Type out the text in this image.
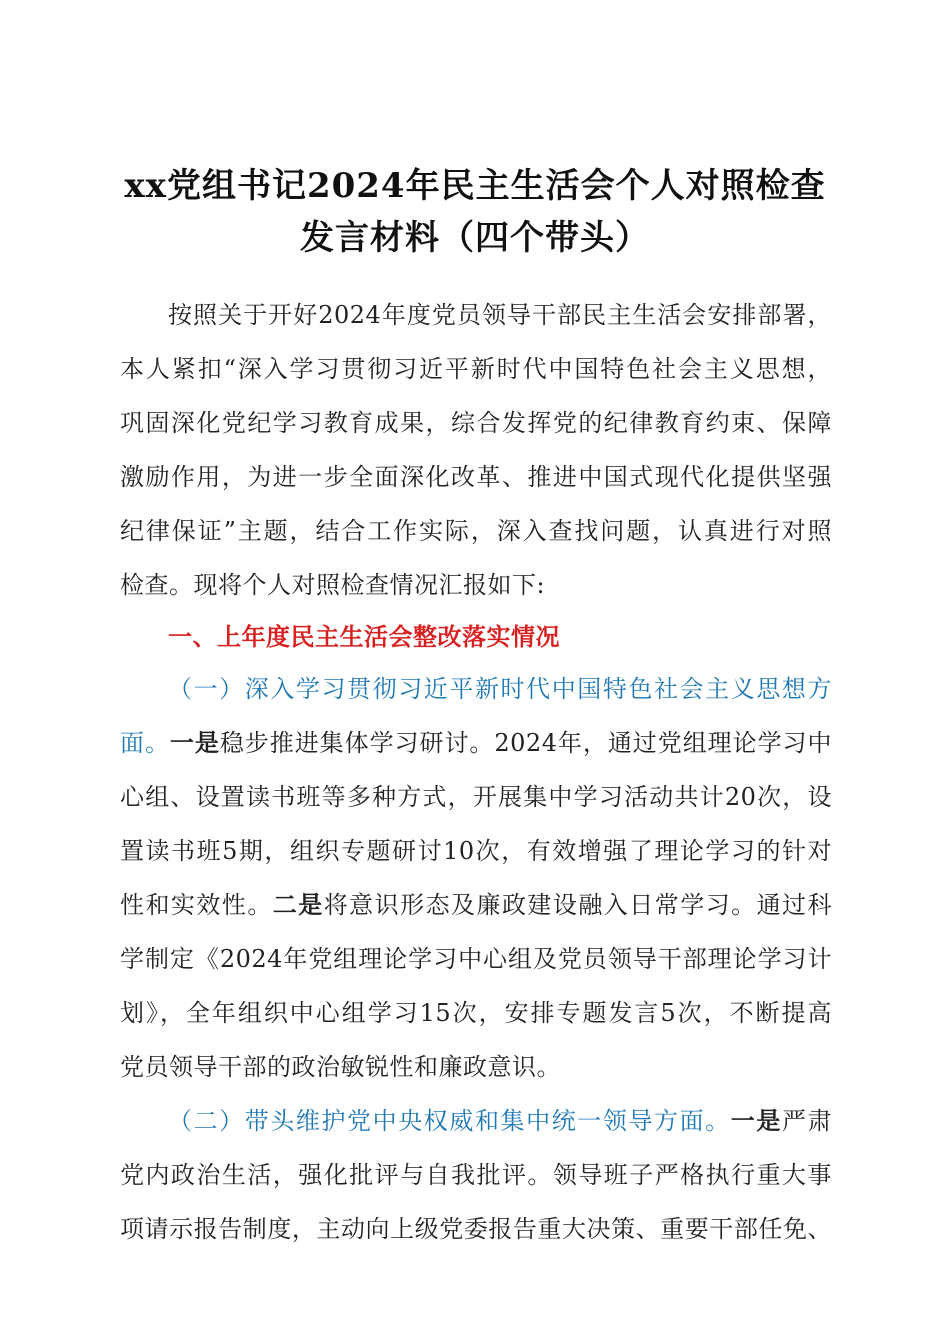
xx党组书记2024年民主生活会个人对照检查
发言材料（四个带头）
按照关于开好2024年度党员领导干部民主生活会安排部署，
本人紧扣“深入学习贯彻习近平新时代中国特色社会主义思想，
巩固深化党纪学习教育成果，综合发挥党的纪律教育约束、保障
激励作用，为进一步全面深化改革、推进中国式现代化提供坚强
纪律保证”主题，结合工作实际，深入查找问题，认真进行对照
检查。现将个人对照检查情况汇报如下:
一、上年度民主生活会整改落实情况
（一）深入学习贯彻习近平新时代中国特色社会主义思想方
面。一是稳步推进集体学习研讨。2024年，通过党组理论学习中
心组、设置读书班等多种方式，开展集中学习活动共计20次，设
置读书班5期，组织专题研讨10次，有效增强了理论学习的针对
性和实效性。二是将意识形态及廉政建设融入日常学习。通过科
学制定《2024年党组理论学习中心组及党员领导干部理论学习计
划》，全年组织中心组学习15次，安排专题发言5次，不断提高
党员领导干部的政治敏锐性和廉政意识。
（二）带头维护党中央权威和集中统一领导方面。一是严肃
党内政治生活，强化批评与自我批评。领导班子严格执行重大事
项请示报告制度，主动向上级党委报告重大决策、重要干部任免、
